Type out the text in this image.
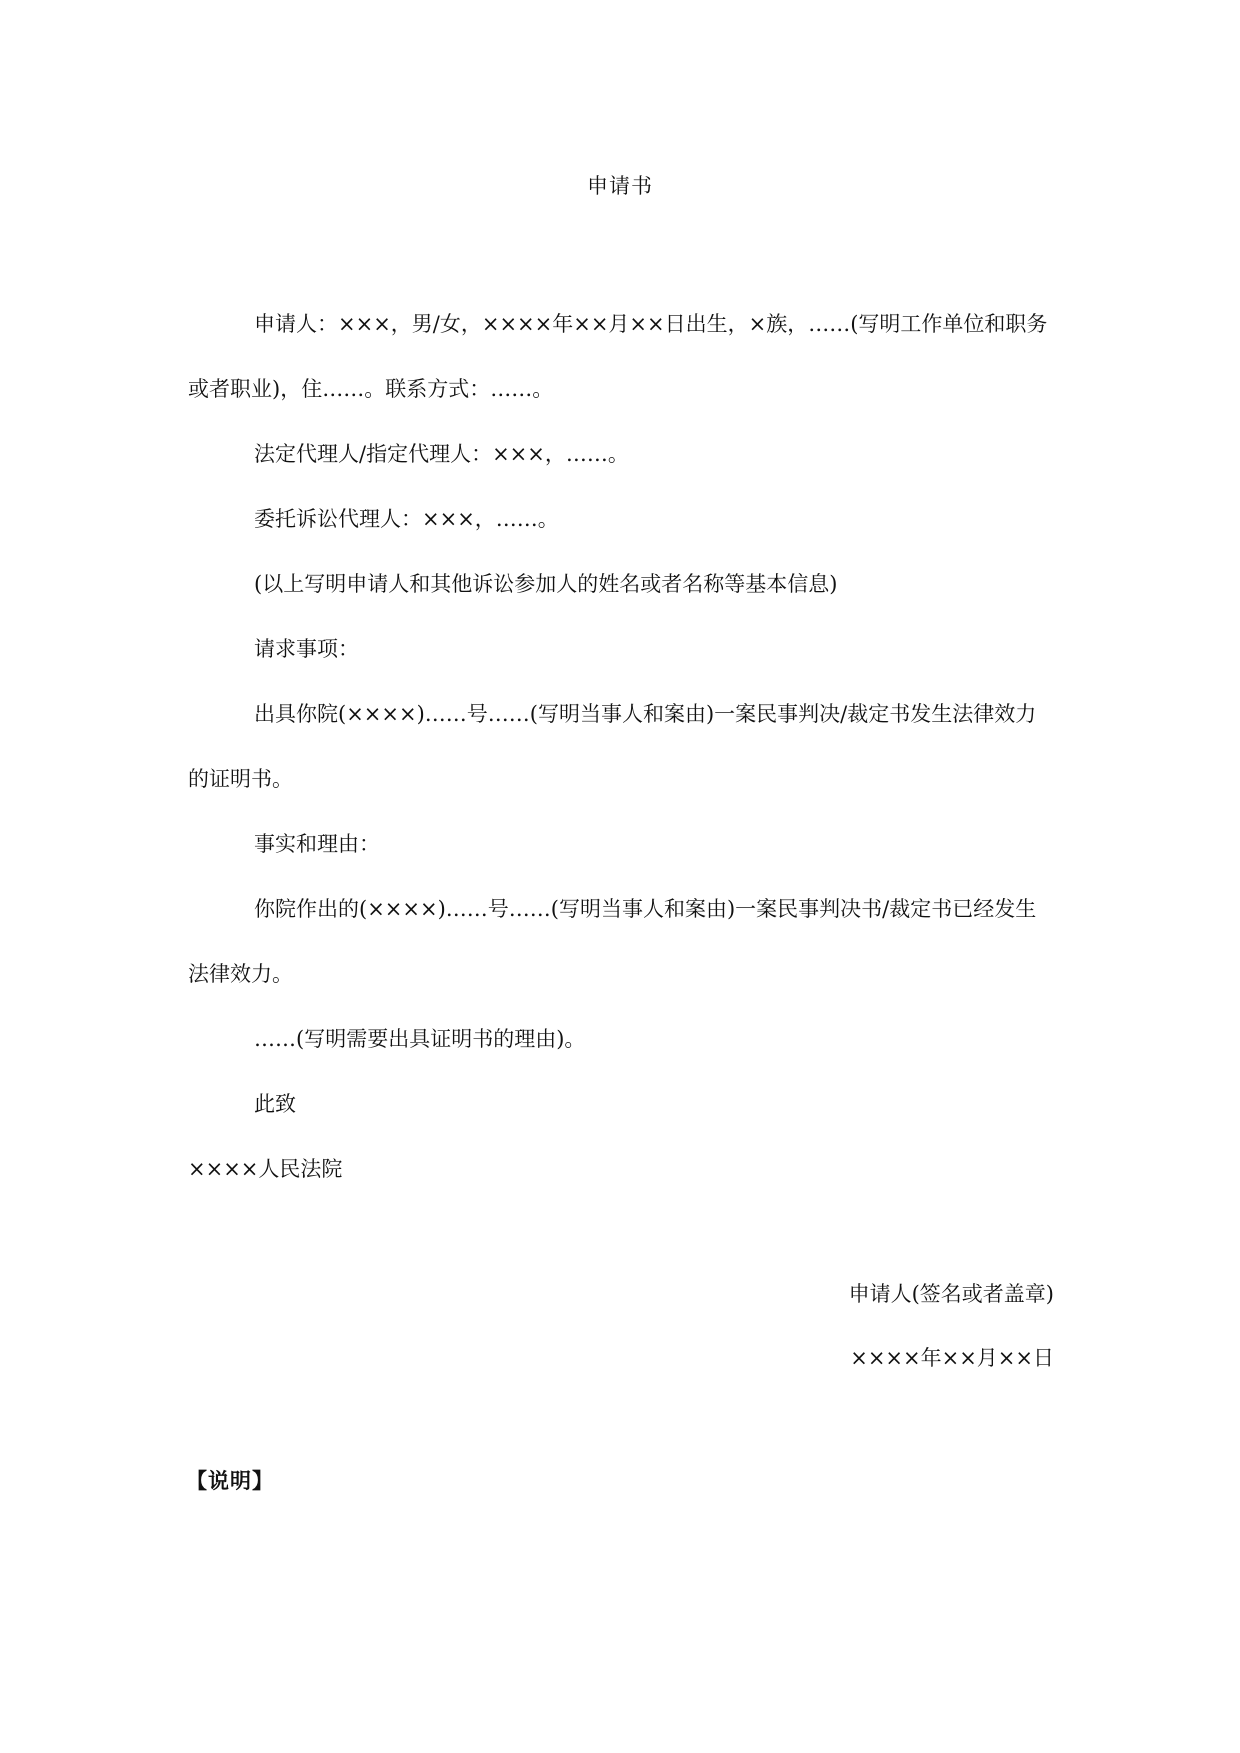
申请书

申请人：×××，男/女，××××年××月××日出生，×族，……(写明工作单位和职务或者职业)，住……。联系方式：……。

法定代理人/指定代理人：×××，……。

委托诉讼代理人：×××，……。

(以上写明申请人和其他诉讼参加人的姓名或者名称等基本信息)

请求事项：

出具你院(××××)……号……(写明当事人和案由)一案民事判决/裁定书发生法律效力的证明书。

事实和理由：

你院作出的(××××)……号……(写明当事人和案由)一案民事判决书/裁定书已经发生法律效力。

……(写明需要出具证明书的理由)。

此致

××××人民法院

申请人(签名或者盖章)

××××年××月××日

【说明】
